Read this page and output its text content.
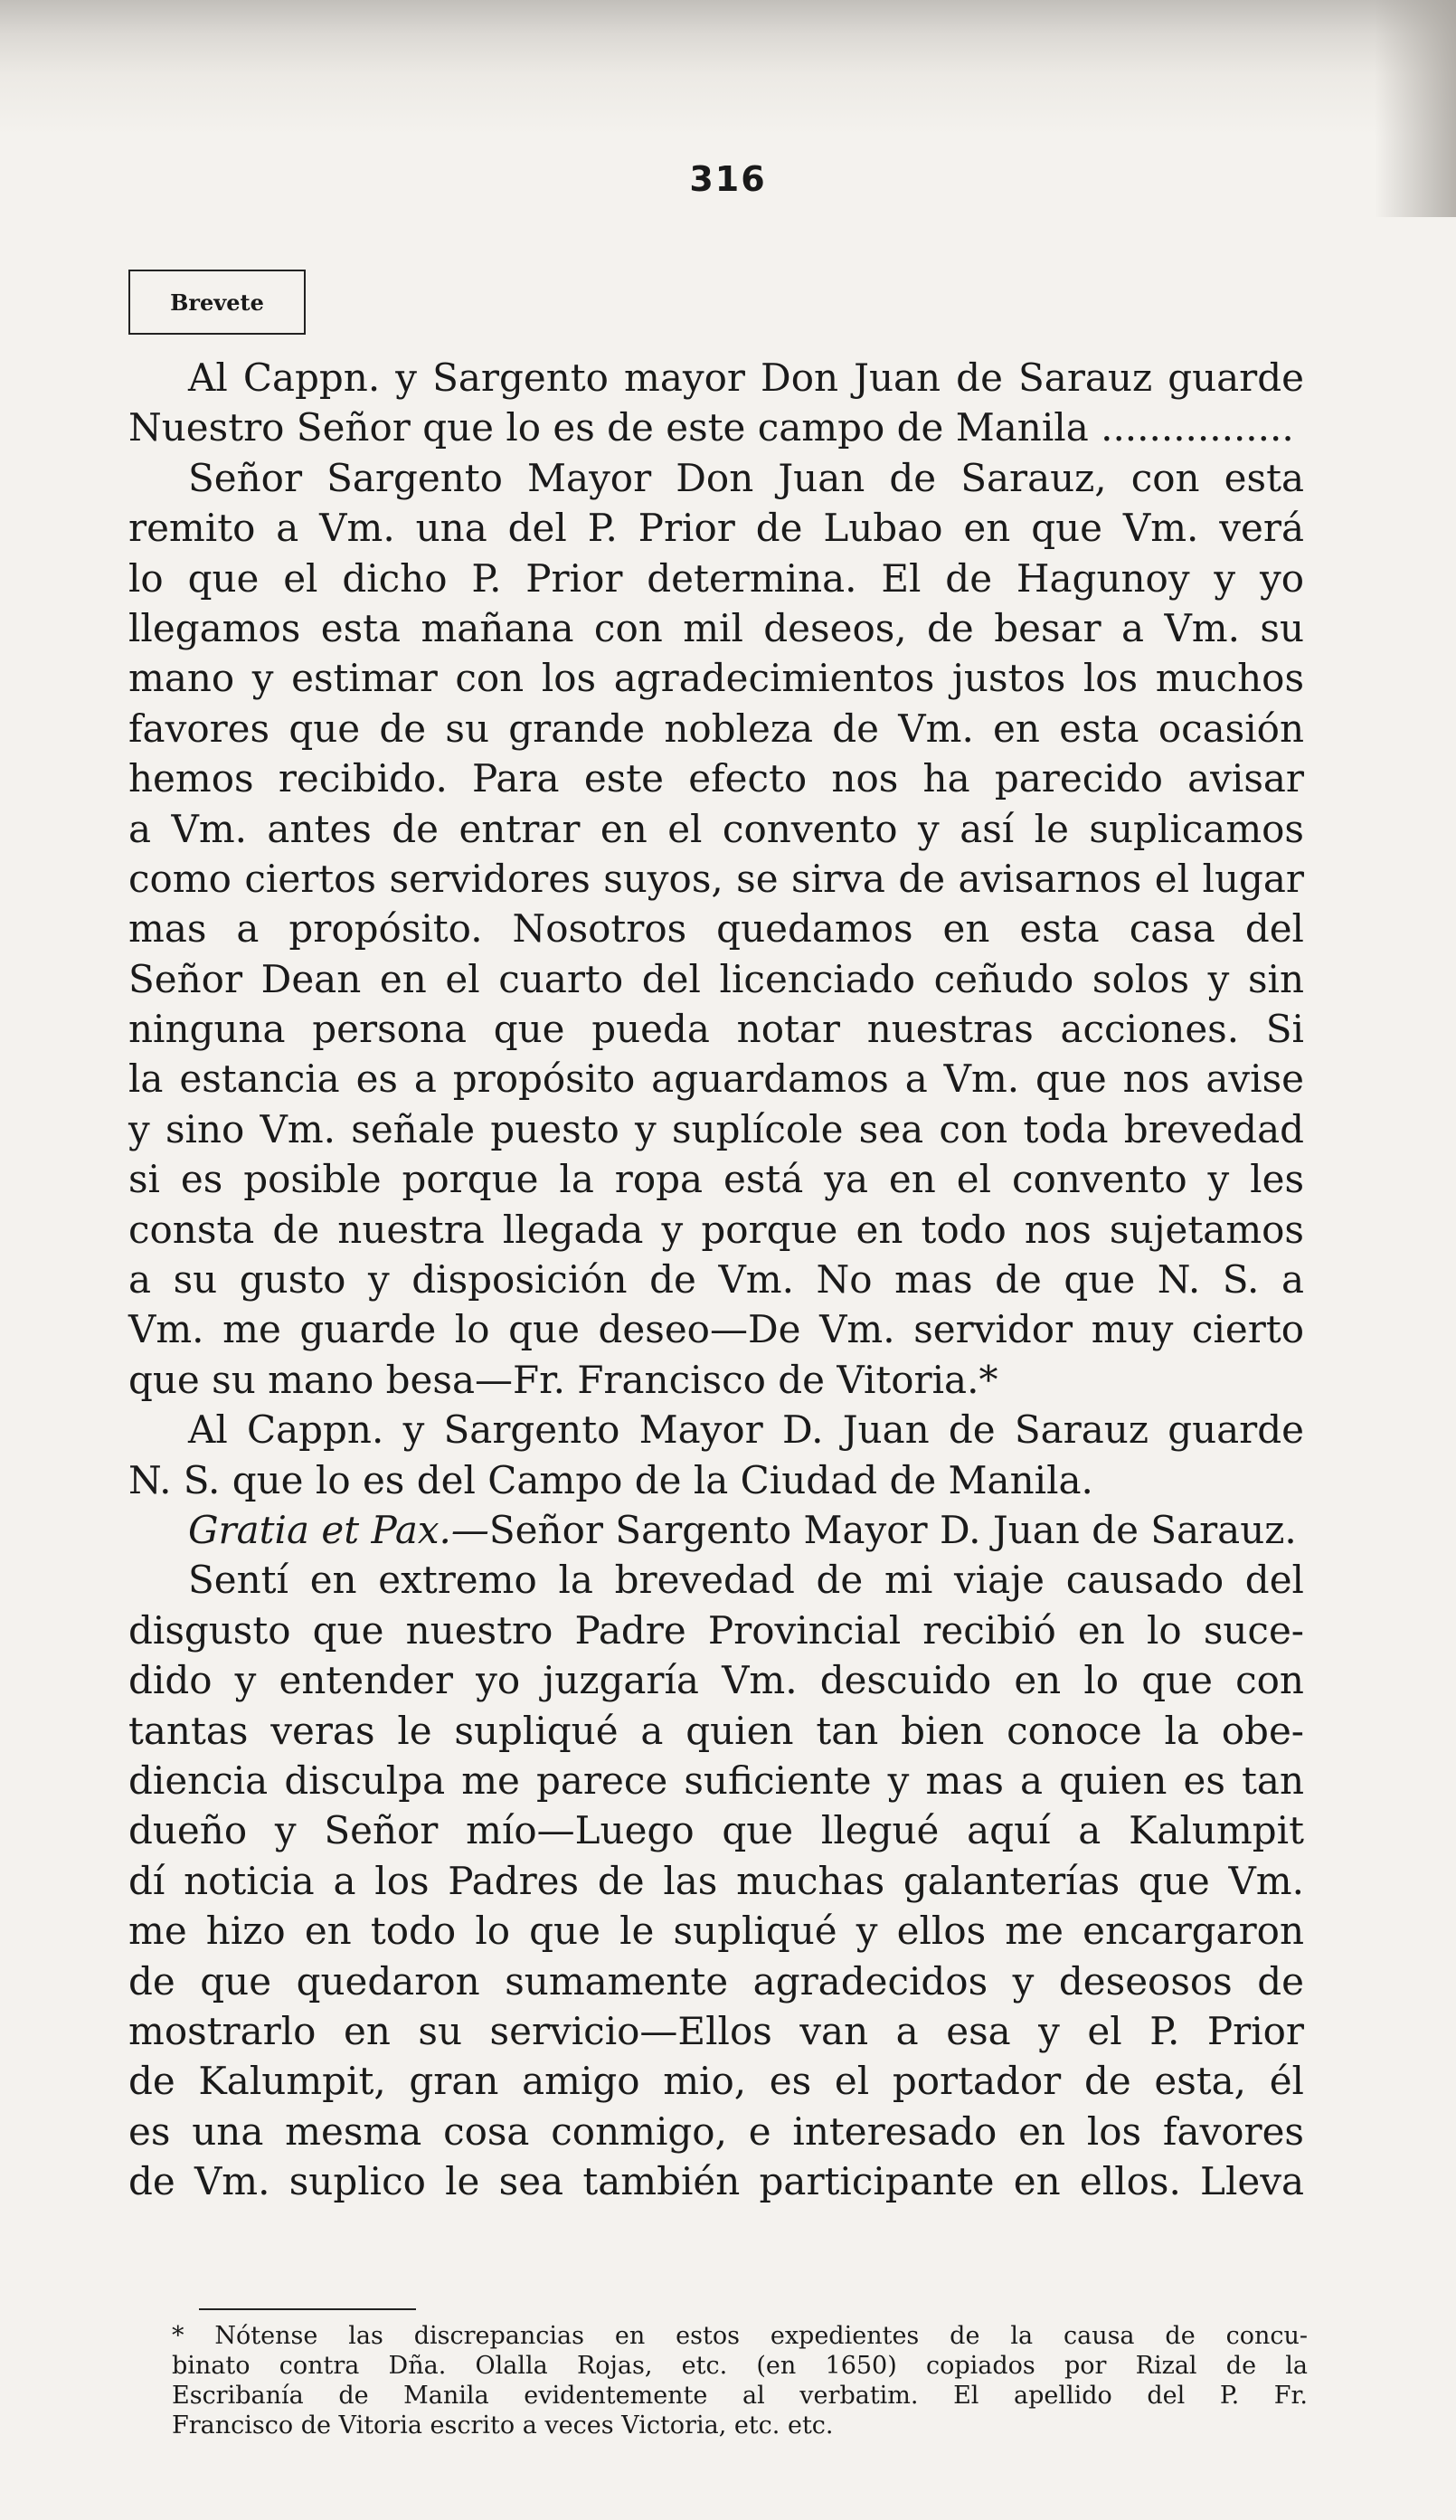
316
Brevete
Al Cappn. y Sargento mayor Don Juan de Sarauz guarde
Nuestro Señor que lo es de este campo de Manila ................
Señor Sargento Mayor Don Juan de Sarauz, con esta
remito a Vm. una del P. Prior de Lubao en que Vm. verá
lo que el dicho P. Prior determina. El de Hagunoy y yo
llegamos esta mañana con mil deseos, de besar a Vm. su
mano y estimar con los agradecimientos justos los muchos
favores que de su grande nobleza de Vm. en esta ocasión
hemos recibido. Para este efecto nos ha parecido avisar
a Vm. antes de entrar en el convento y así le suplicamos
como ciertos servidores suyos, se sirva de avisarnos el lugar
mas a propósito. Nosotros quedamos en esta casa del
Señor Dean en el cuarto del licenciado ceñudo solos y sin
ninguna persona que pueda notar nuestras acciones. Si
la estancia es a propósito aguardamos a Vm. que nos avise
y sino Vm. señale puesto y suplícole sea con toda brevedad
si es posible porque la ropa está ya en el convento y les
consta de nuestra llegada y porque en todo nos sujetamos
a su gusto y disposición de Vm. No mas de que N. S. a
Vm. me guarde lo que deseo—De Vm. servidor muy cierto
que su mano besa—Fr. Francisco de Vitoria.*
Al Cappn. y Sargento Mayor D. Juan de Sarauz guarde
N. S. que lo es del Campo de la Ciudad de Manila.
Gratia et Pax.—Señor Sargento Mayor D. Juan de Sarauz.
Sentí en extremo la brevedad de mi viaje causado del
disgusto que nuestro Padre Provincial recibió en lo suce-
dido y entender yo juzgaría Vm. descuido en lo que con
tantas veras le supliqué a quien tan bien conoce la obe-
diencia disculpa me parece suficiente y mas a quien es tan
dueño y Señor mío—Luego que llegué aquí a Kalumpit
dí noticia a los Padres de las muchas galanterías que Vm.
me hizo en todo lo que le supliqué y ellos me encargaron
de que quedaron sumamente agradecidos y deseosos de
mostrarlo en su servicio—Ellos van a esa y el P. Prior
de Kalumpit, gran amigo mio, es el portador de esta, él
es una mesma cosa conmigo, e interesado en los favores
de Vm. suplico le sea también participante en ellos. Lleva
* Nótense las discrepancias en estos expedientes de la causa de concu-
binato contra Dña. Olalla Rojas, etc. (en 1650) copiados por Rizal de la
Escribanía de Manila evidentemente al verbatim. El apellido del P. Fr.
Francisco de Vitoria escrito a veces Victoria, etc. etc.
